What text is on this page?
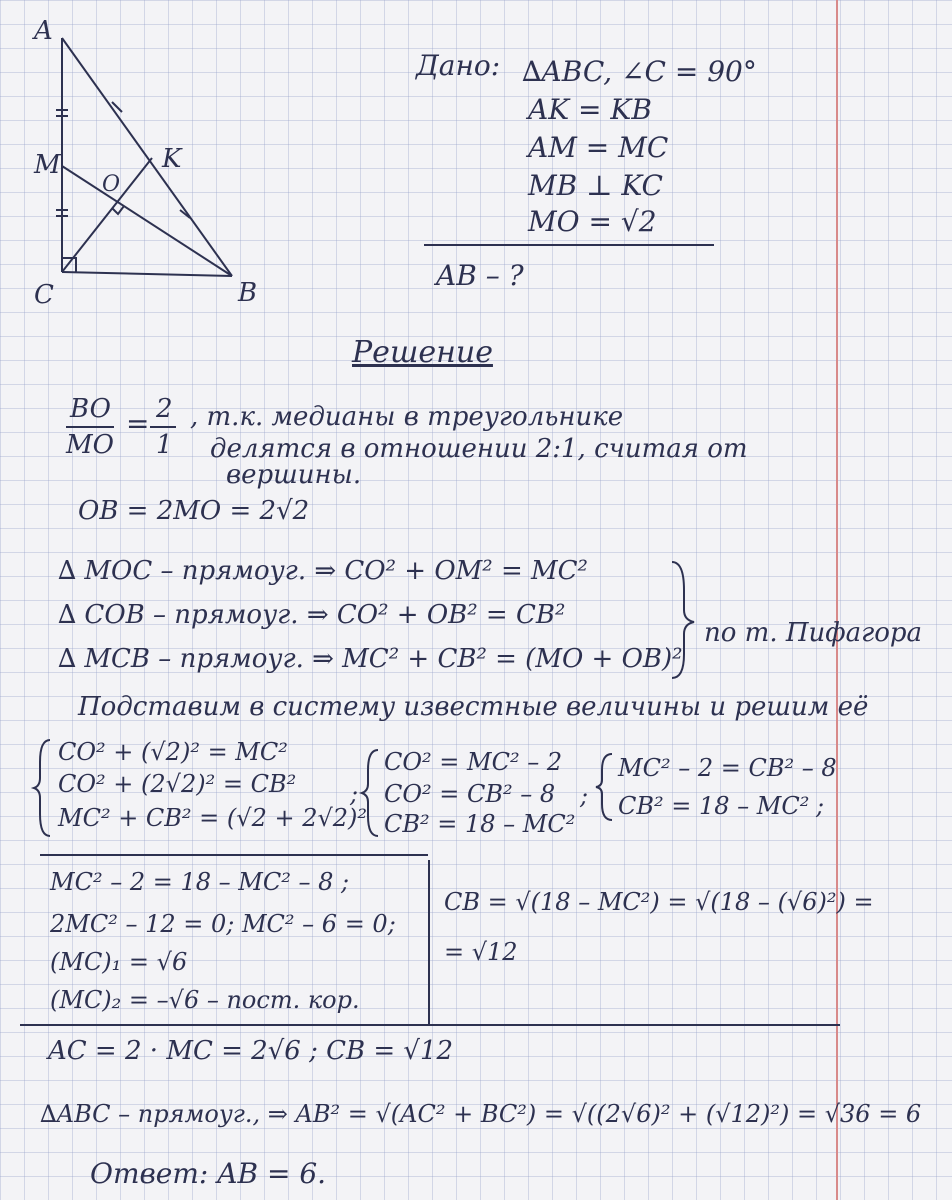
A
M
C
K
O
B
Дано: ∆ABC, ∠C = 90°
AK = KB
AM = MC
MB ⊥ KC
MO = √2
AB – ?
Решение
BO
MO
= 2
1
, т.к. медианы в треугольнике
делятся в отношении 2:1, считая от
вершины.
OB = 2MO = 2√2
∆ MOC – прямоуг. ⇒ CO² + OM² = MC²
∆ COB – прямоуг. ⇒ CO² + OB² = CB²
∆ MCB – прямоуг. ⇒ MC² + CB² = (MO + OB)²
по т. Пифагора
Подставим в систему известные величины и решим её
CO² + (√2)² = MC²
CO² + (2√2)² = CB²
MC² + CB² = (√2 + 2√2)²
;
CO² = MC² – 2
CO² = CB² – 8
CB² = 18 – MC²
;
MC² – 2 = CB² – 8
CB² = 18 – MC² ;
MC² – 2 = 18 – MC² – 8 ;
2MC² – 12 = 0; MC² – 6 = 0;
(MC)₁ = √6
(MC)₂ = –√6 – пост. кор.
CB = √(18 – MC²) = √(18 – (√6)²) =
= √12
AC = 2 · MC = 2√6 ; CB = √12
∆ABC – прямоуг., ⇒ AB² = √(AC² + BC²) = √((2√6)² + (√12)²) = √36 = 6
Ответ: AB = 6.
